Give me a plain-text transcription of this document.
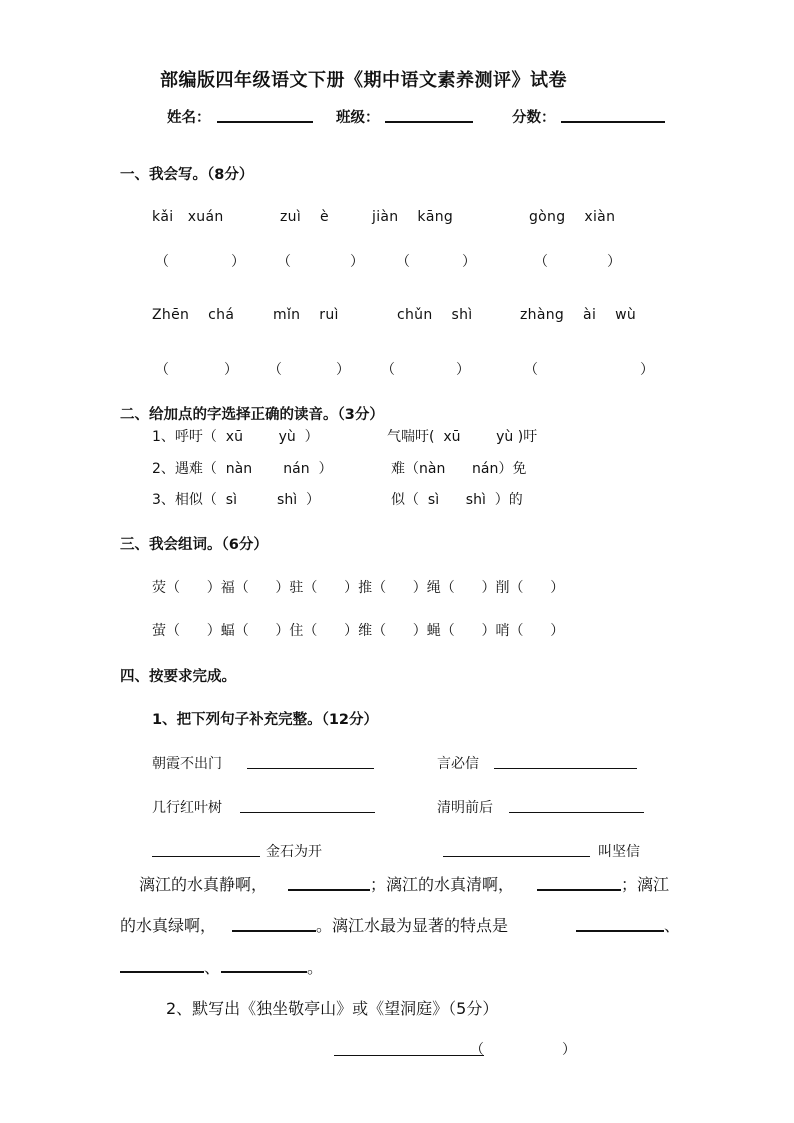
部编版四年级语文下册《期中语文素养测评》试卷
姓名：	班级：	分数：
一、我会写。（8分）
kǎi   xuán	zuì    è	jiàn    kāng	gòng    xiàn
（	） （	） （	）	（	）
Zhēn    chá	mǐn    ruì	chǔn    shì	zhàng    ài    wù
（	） （	） （	）	（	）
二、给加点的字选择正确的读音。（3分）
1、呼吁（  xū        yù  ）	气喘吁(  xū        yù )吁
2、遇难（  nàn       nán  ）	难（nàn      nán）免
3、相似（  sì         shì  ）	似（  sì      shì  ）的
三、我会组词。（6分）
荧（      ）福（      ）驻（      ）推（      ）绳（      ）削（      ）
萤（      ）蝠（      ）住（      ）维（      ）蝇（      ）哨（      ）
四、按要求完成。
1、把下列句子补充完整。（12分）
朝霞不出门	言必信
几行红叶树	清明前后
金石为开	叫坚信
漓江的水真静啊，	；漓江的水真清啊，	；漓江
的水真绿啊，	。漓江水最为显著的特点是	、
、	。
2、默写出《独坐敬亭山》或《望洞庭》（5分）
（	）
